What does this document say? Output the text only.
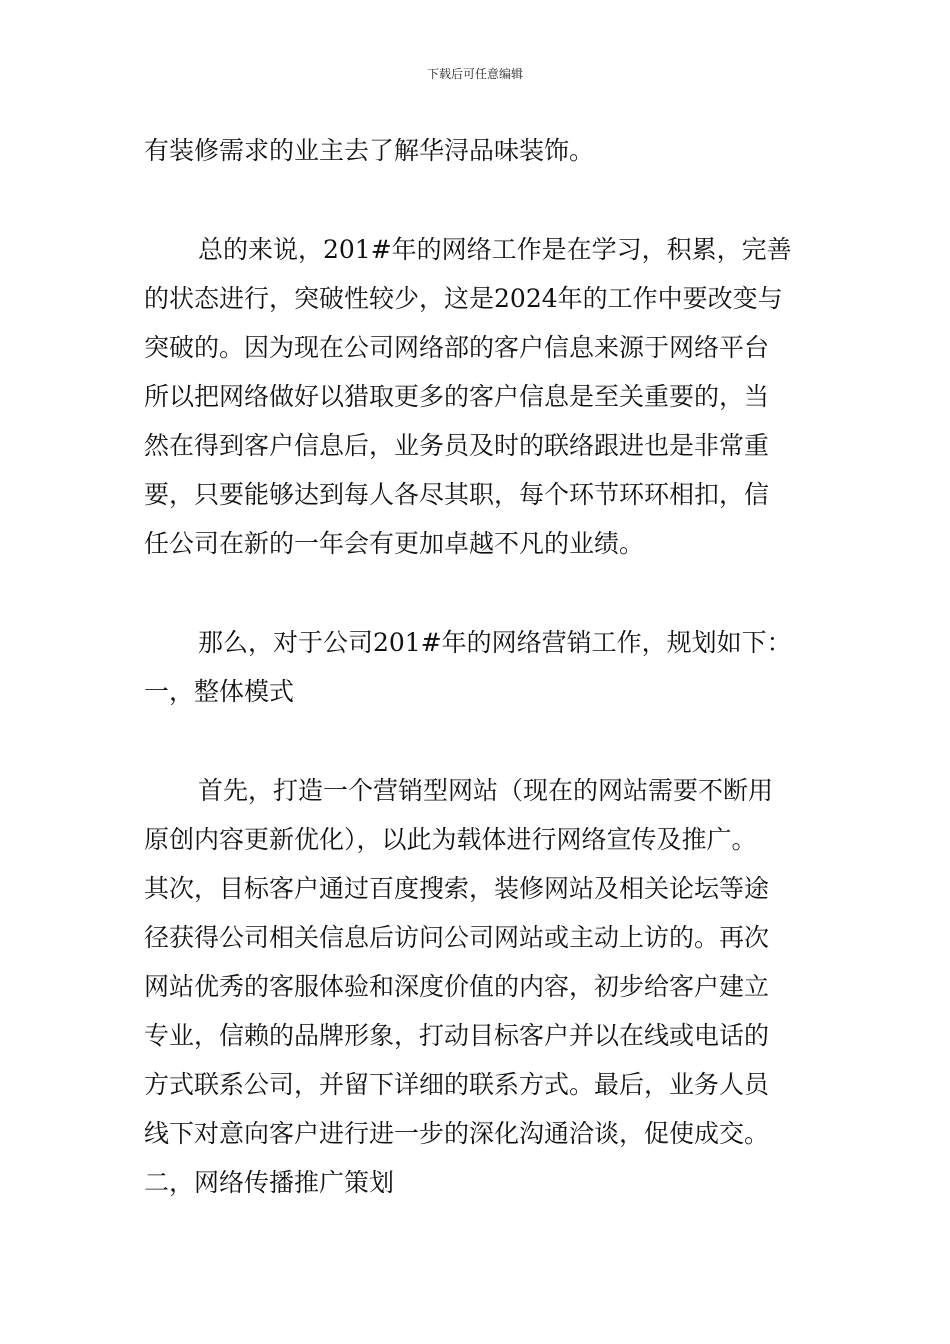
下载后可任意编辑

有装修需求的业主去了解华浔品味装饰。

总的来说，201#年的网络工作是在学习，积累，完善

的状态进行，突破性较少，这是2024年的工作中要改变与

突破的。因为现在公司网络部的客户信息来源于网络平台

所以把网络做好以猎取更多的客户信息是至关重要的，当

然在得到客户信息后，业务员及时的联络跟进也是非常重

要，只要能够达到每人各尽其职，每个环节环环相扣，信

任公司在新的一年会有更加卓越不凡的业绩。

那么，对于公司201#年的网络营销工作，规划如下：

一，整体模式

首先，打造一个营销型网站（现在的网站需要不断用

原创内容更新优化），以此为载体进行网络宣传及推广。

其次，目标客户通过百度搜索，装修网站及相关论坛等途

径获得公司相关信息后访问公司网站或主动上访的。再次

网站优秀的客服体验和深度价值的内容，初步给客户建立

专业，信赖的品牌形象，打动目标客户并以在线或电话的

方式联系公司，并留下详细的联系方式。最后，业务人员

线下对意向客户进行进一步的深化沟通洽谈，促使成交。

二，网络传播推广策划
